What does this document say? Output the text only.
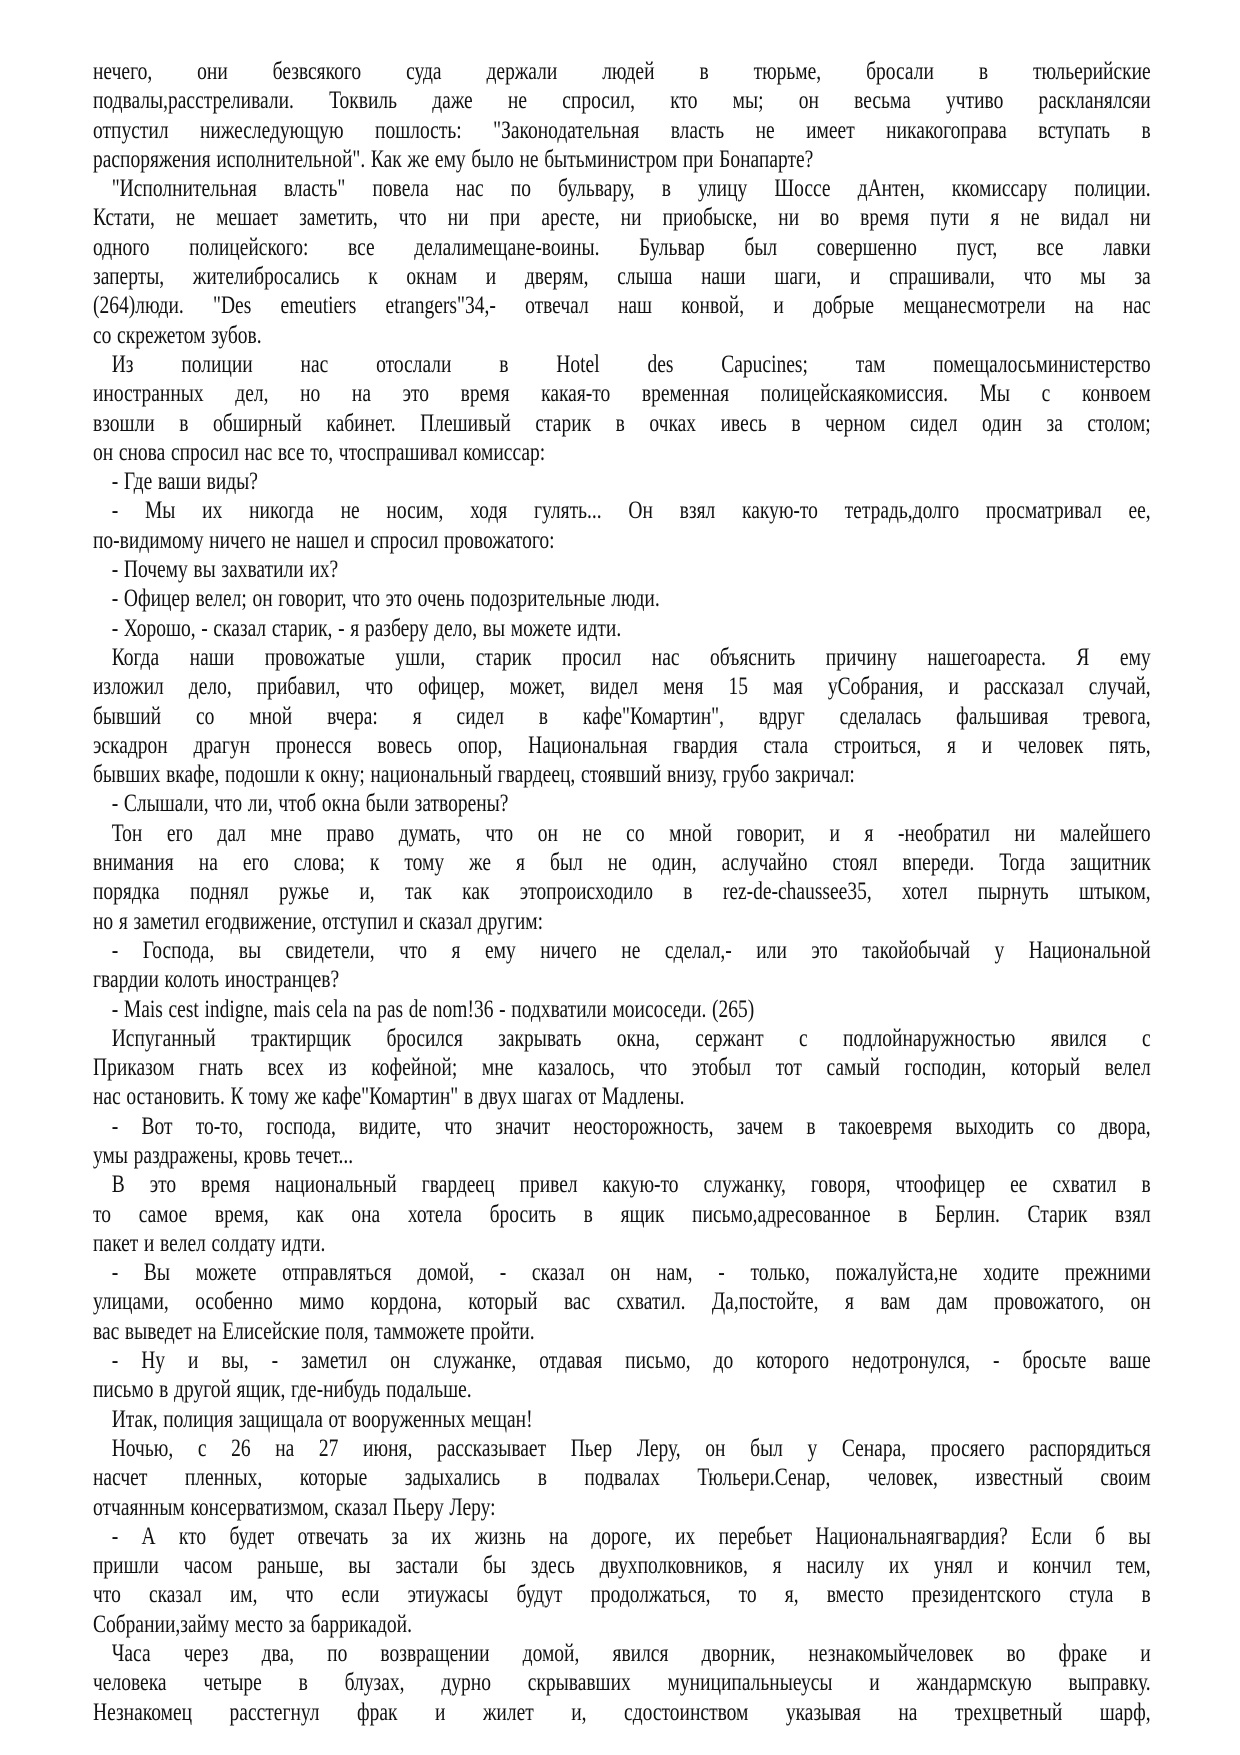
нечего, они безвсякого суда держали людей в тюрьме, бросали в тюльерийские
подвалы,расстреливали. Токвиль даже не спросил, кто мы; он весьма учтиво раскланялсяи
отпустил нижеследующую пошлость: "Законодательная власть не имеет никакогоправа вступать в
распоряжения исполнительной". Как же ему было не бытьминистром при Бонапарте?
"Исполнительная власть" повела нас по бульвару, в улицу Шоссе дАнтен, ккомиссару полиции.
Кстати, не мешает заметить, что ни при аресте, ни приобыске, ни во время пути я не видал ни
одного полицейского: все делалимещане-воины. Бульвар был совершенно пуст, все лавки
заперты, жителибросались к окнам и дверям, слыша наши шаги, и спрашивали, что мы за
(264)люди. "Des emeutiers etrangers"34,- отвечал наш конвой, и добрые мещанесмотрели на нас
со скрежетом зубов.
Из полиции нас отослали в Hotel des Capucines; там помещалосьминистерство
иностранных дел, но на это время какая-то временная полицейскаякомиссия. Мы с конвоем
взошли в обширный кабинет. Плешивый старик в очках ивесь в черном сидел один за столом;
он снова спросил нас все то, чтоспрашивал комиссар:
- Где ваши виды?
- Мы их никогда не носим, ходя гулять... Он взял какую-то тетрадь,долго просматривал ее,
по-видимому ничего не нашел и спросил провожатого:
- Почему вы захватили их?
- Офицер велел; он говорит, что это очень подозрительные люди.
- Хорошо, - сказал старик, - я разберу дело, вы можете идти.
Когда наши провожатые ушли, старик просил нас объяснить причину нашегоареста. Я ему
изложил дело, прибавил, что офицер, может, видел меня 15 мая уСобрания, и рассказал случай,
бывший со мной вчера: я сидел в кафе"Комартин", вдруг сделалась фальшивая тревога,
эскадрон драгун пронесся вовесь опор, Национальная гвардия стала строиться, я и человек пять,
бывших вкафе, подошли к окну; национальный гвардеец, стоявший внизу, грубо закричал:
- Слышали, что ли, чтоб окна были затворены?
Тон его дал мне право думать, что он не со мной говорит, и я -необратил ни малейшего
внимания на его слова; к тому же я был не один, аслучайно стоял впереди. Тогда защитник
порядка поднял ружье и, так как этопроисходило в rez-de-chaussee35, хотел пырнуть штыком,
но я заметил егодвижение, отступил и сказал другим:
- Господа, вы свидетели, что я ему ничего не сделал,- или это такойобычай у Национальной
гвардии колоть иностранцев?
- Mais cest indigne, mais cela na pas de nom!36 - подхватили моисоседи. (265)
Испуганный трактирщик бросился закрывать окна, сержант с подлойнаружностью явился с
Приказом гнать всех из кофейной; мне казалось, что этобыл тот самый господин, который велел
нас остановить. К тому же кафе"Комартин" в двух шагах от Мадлены.
- Вот то-то, господа, видите, что значит неосторожность, зачем в такоевремя выходить со двора,
умы раздражены, кровь течет...
В это время национальный гвардеец привел какую-то служанку, говоря, чтоофицер ее схватил в
то самое время, как она хотела бросить в ящик письмо,адресованное в Берлин. Старик взял
пакет и велел солдату идти.
- Вы можете отправляться домой, - сказал он нам, - только, пожалуйста,не ходите прежними
улицами, особенно мимо кордона, который вас схватил. Да,постойте, я вам дам провожатого, он
вас выведет на Елисейские поля, тамможете пройти.
- Ну и вы, - заметил он служанке, отдавая письмо, до которого недотронулся, - бросьте ваше
письмо в другой ящик, где-нибудь подальше.
Итак, полиция защищала от вооруженных мещан!
Ночью, с 26 на 27 июня, рассказывает Пьер Леру, он был у Сенара, просяего распорядиться
насчет пленных, которые задыхались в подвалах Тюльери.Сенар, человек, известный своим
отчаянным консерватизмом, сказал Пьеру Леру:
- А кто будет отвечать за их жизнь на дороге, их перебьет Национальнаягвардия? Если б вы
пришли часом раньше, вы застали бы здесь двухполковников, я насилу их унял и кончил тем,
что сказал им, что если этиужасы будут продолжаться, то я, вместо президентского стула в
Собрании,займу место за баррикадой.
Часа через два, по возвращении домой, явился дворник, незнакомыйчеловек во фраке и
человека четыре в блузах, дурно скрывавших муниципальныеусы и жандармскую выправку.
Незнакомец расстегнул фрак и жилет и, сдостоинством указывая на трехцветный шарф,
